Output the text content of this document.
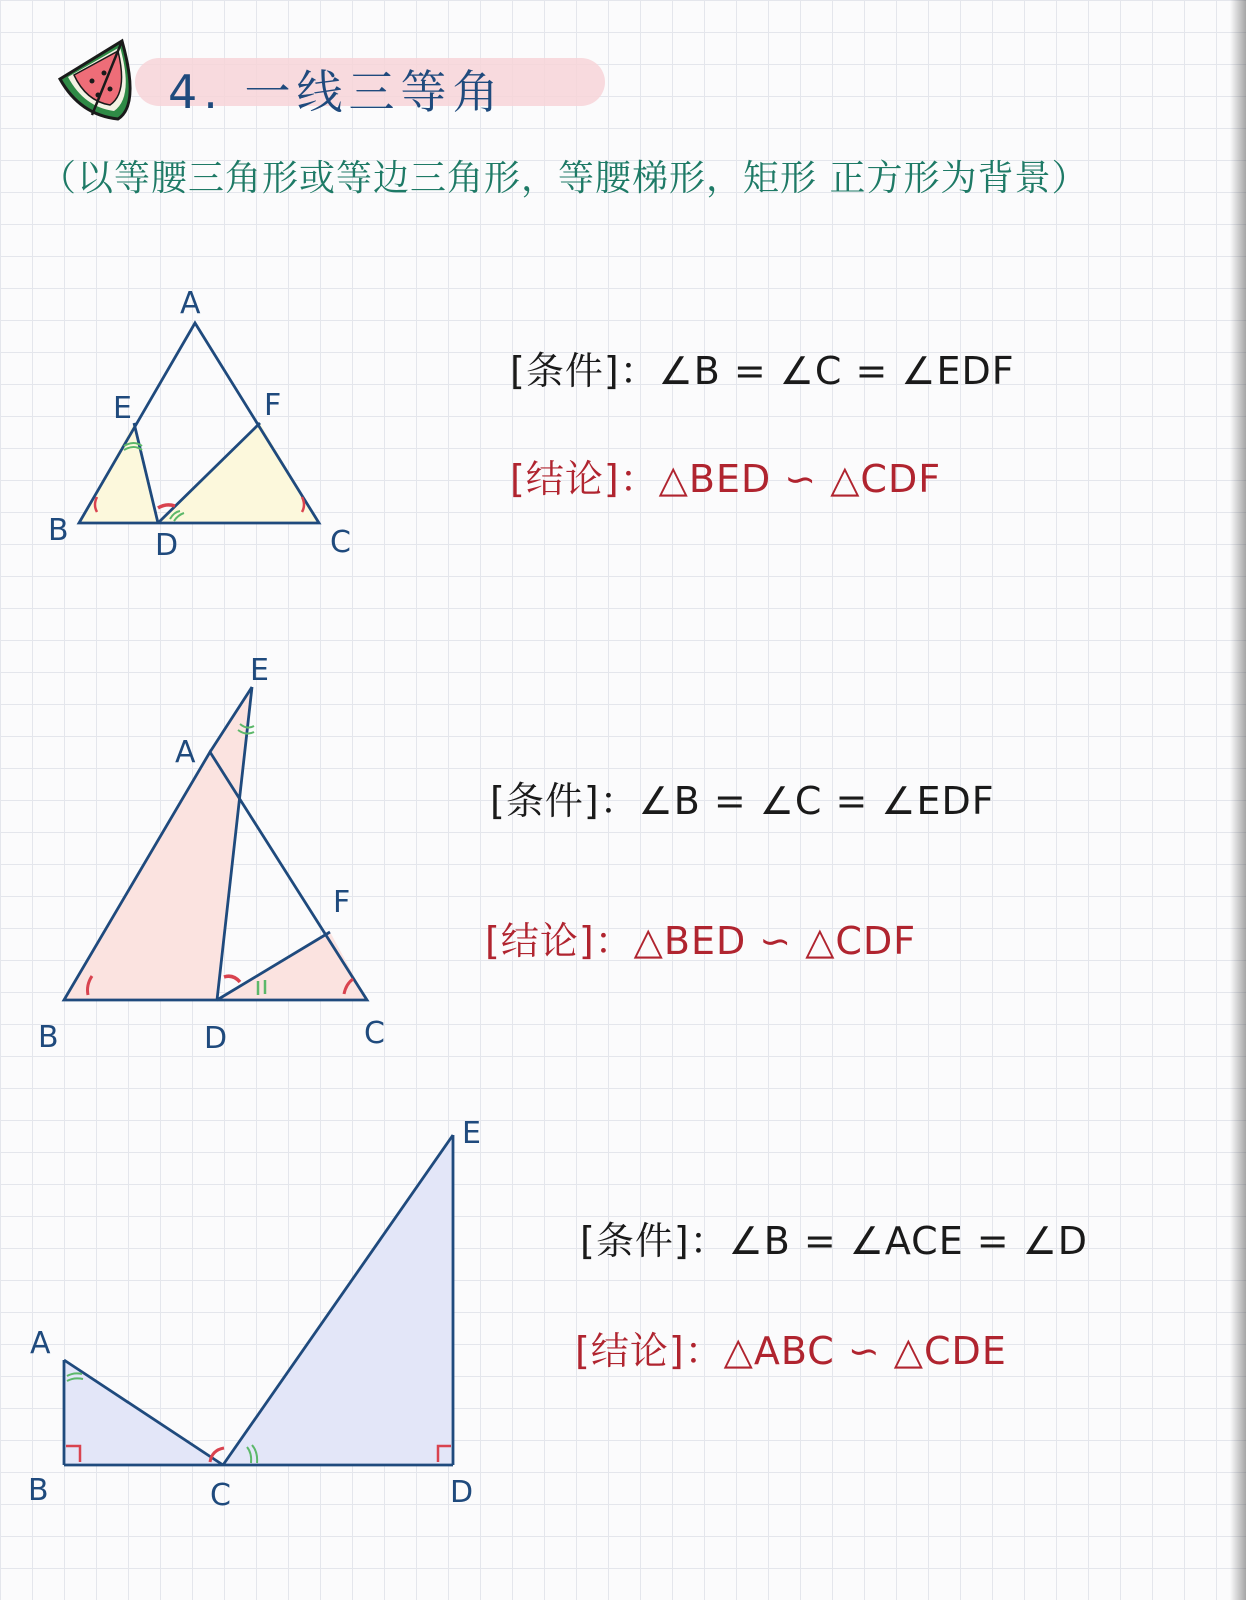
4. 一线三等角
（以等腰三角形或等边三角形，等腰梯形，矩形 正方形为背景）
A
E	F
B	D	C
[条件]：∠B = ∠C = ∠EDF
[结论]：△BED ∽ △CDF
E
A
F
B	D	C
[条件]：∠B = ∠C = ∠EDF
[结论]：△BED ∽ △CDF
A
B	C	D
E
[条件]：∠B = ∠ACE = ∠D
[结论]：△ABC ∽ △CDE
